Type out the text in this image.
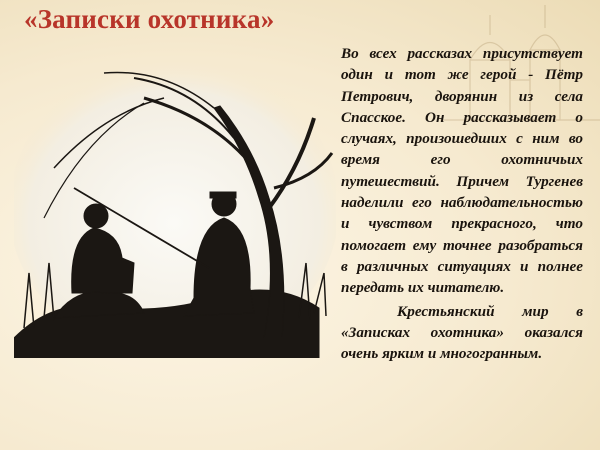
«Записки охотника»

Во всех рассказах присутствует один и тот же герой - Пётр Петрович, дворянин из села Спасское. Он рассказывает о случаях, произошедших с ним во время его охотничьих путешествий. Причем Тургенев наделили его наблюдательностью и чувством прекрасного, что помогает ему точнее разобраться в различных ситуациях и полнее передать их читателю.

Крестьянский мир в «Записках охотника» оказался очень ярким и многогранным.
